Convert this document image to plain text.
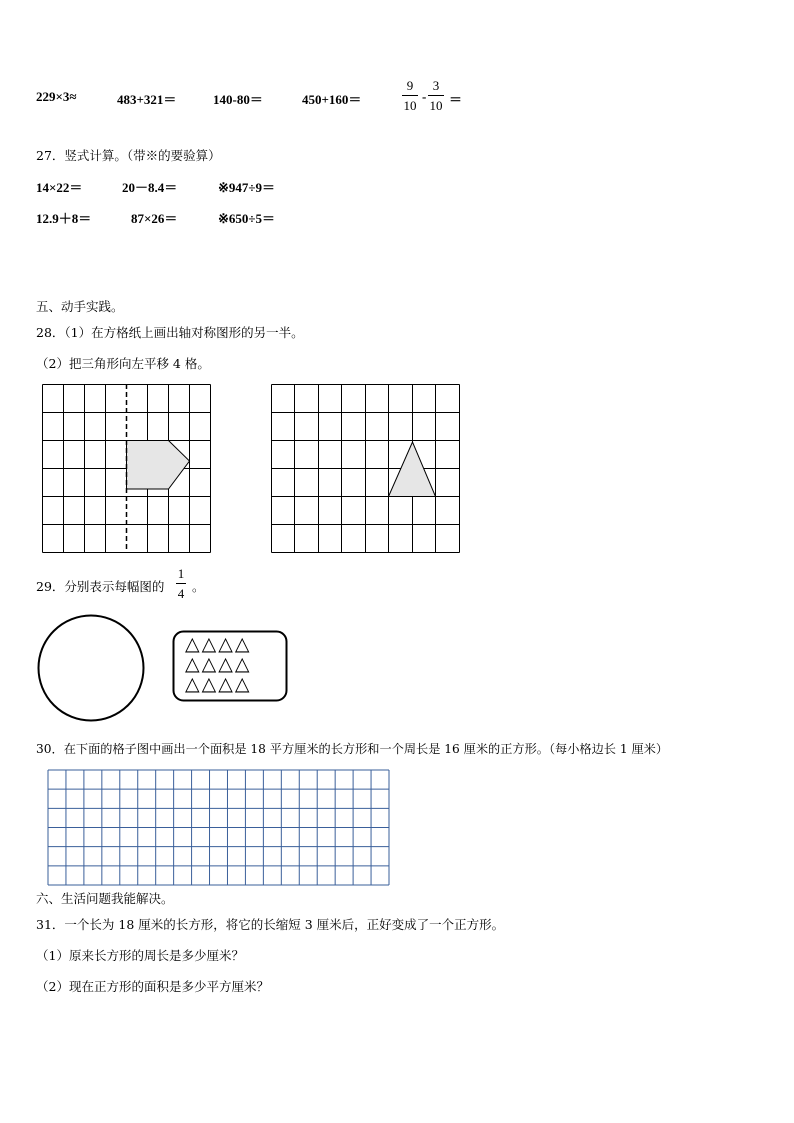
229×3≈	483+321＝	140-80＝	450+160＝
9
10
-
3
10 ＝
27．竖式计算。（带※的要验算）
14×22＝	20－8.4＝	※947÷9＝
12.9＋8＝	87×26＝	※650÷5＝
五、动手实践。
28．（1）在方格纸上画出轴对称图形的另一半。
（2）把三角形向左平移 4 格。
29．分别表示每幅图的
1
4 。
△△△△
△△△△
△△△△
30．在下面的格子图中画出一个面积是 18 平方厘米的长方形和一个周长是 16 厘米的正方形。（每小格边长 1 厘米）
六、生活问题我能解决。
31．一个长为 18 厘米的长方形，将它的长缩短 3 厘米后，正好变成了一个正方形。
（1）原来长方形的周长是多少厘米？
（2）现在正方形的面积是多少平方厘米？
